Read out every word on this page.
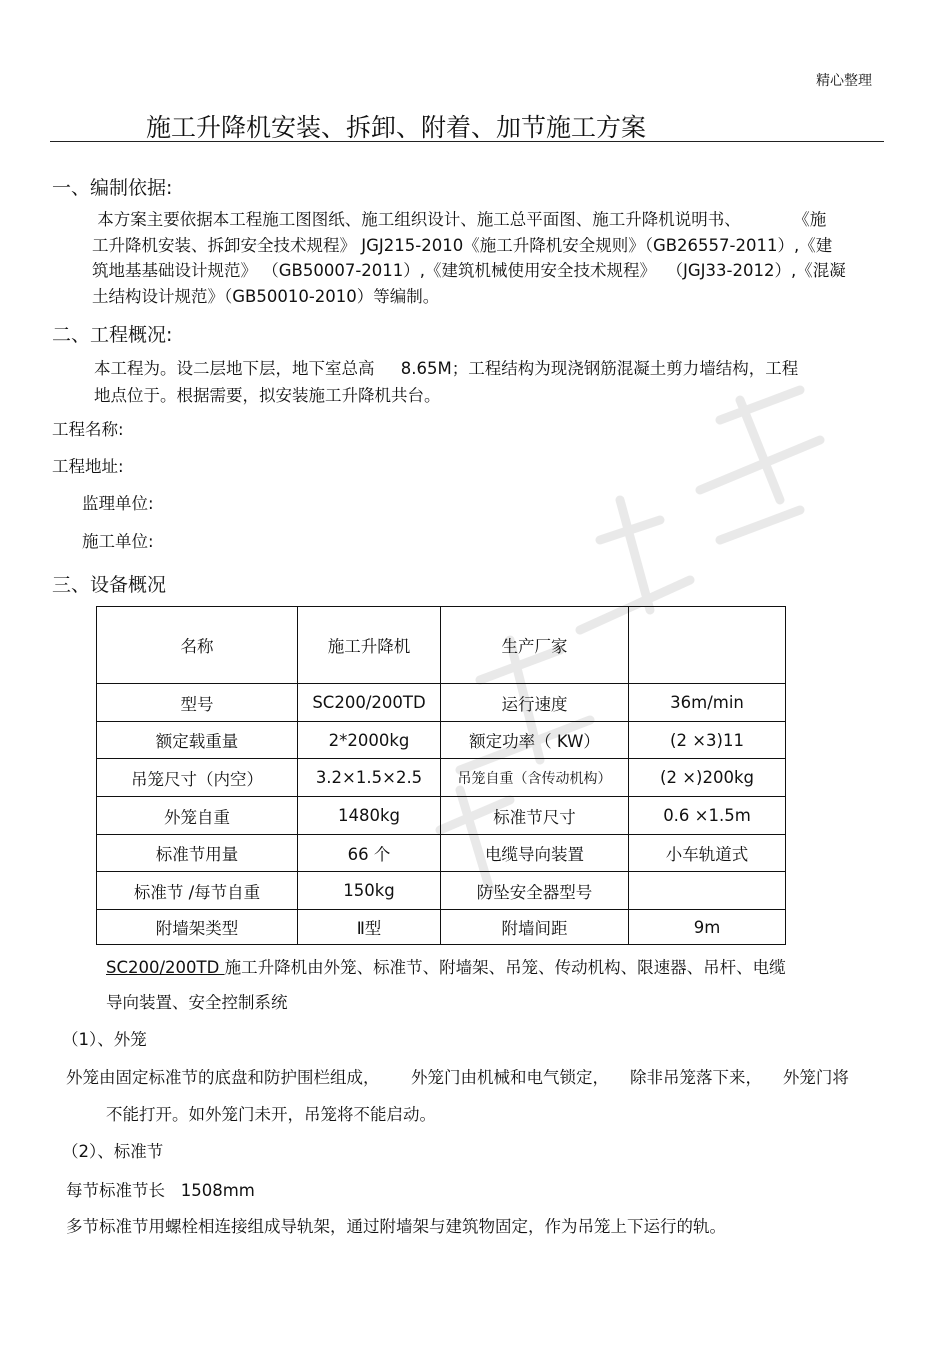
精心整理
施工升降机安装、拆卸、附着、加节施工方案
一、编制依据:
本方案主要依据本工程施工图图纸、施工组织设计、施工总平面图、施工升降机说明书、          《施
工升降机安装、拆卸安全技术规程》 JGJ215-2010《施工升降机安全规则》（GB26557-2011）,《建
筑地基基础设计规范》 （GB50007-2011）,《建筑机械使用安全技术规程》  （JGJ33-2012）,《混凝
土结构设计规范》（GB50010-2010）等编制。
二、工程概况:
本工程为。设二层地下层，地下室总高     8.65M；工程结构为现浇钢筋混凝土剪力墙结构，工程
地点位于。根据需要，拟安装施工升降机共台。
工程名称:
工程地址:
监理单位:
施工单位:
三、设备概况
名称	施工升降机	生产厂家	
型号	SC200/200TD	运行速度	36m/min
额定载重量	2*2000kg	额定功率（ KW）	(2 ×3)11
吊笼尺寸（内空）	3.2×1.5×2.5	吊笼自重（含传动机构）	(2 ×)200kg
外笼自重	1480kg	标准节尺寸	0.6 ×1.5m
标准节用量	66 个	电缆导向装置	小车轨道式
标准节 /每节自重	150kg	防坠安全器型号	
附墙架类型	Ⅱ型	附墙间距	9m
SC200/200TD 施工升降机由外笼、标准节、附墙架、吊笼、传动机构、限速器、吊杆、电缆
导向装置、安全控制系统
（1）、外笼
外笼由固定标准节的底盘和防护围栏组成，      外笼门由机械和电气锁定，    除非吊笼落下来，    外笼门将
不能打开。如外笼门未开，吊笼将不能启动。
（2）、标准节
每节标准节长   1508mm
多节标准节用螺栓相连接组成导轨架，通过附墙架与建筑物固定，作为吊笼上下运行的轨。
